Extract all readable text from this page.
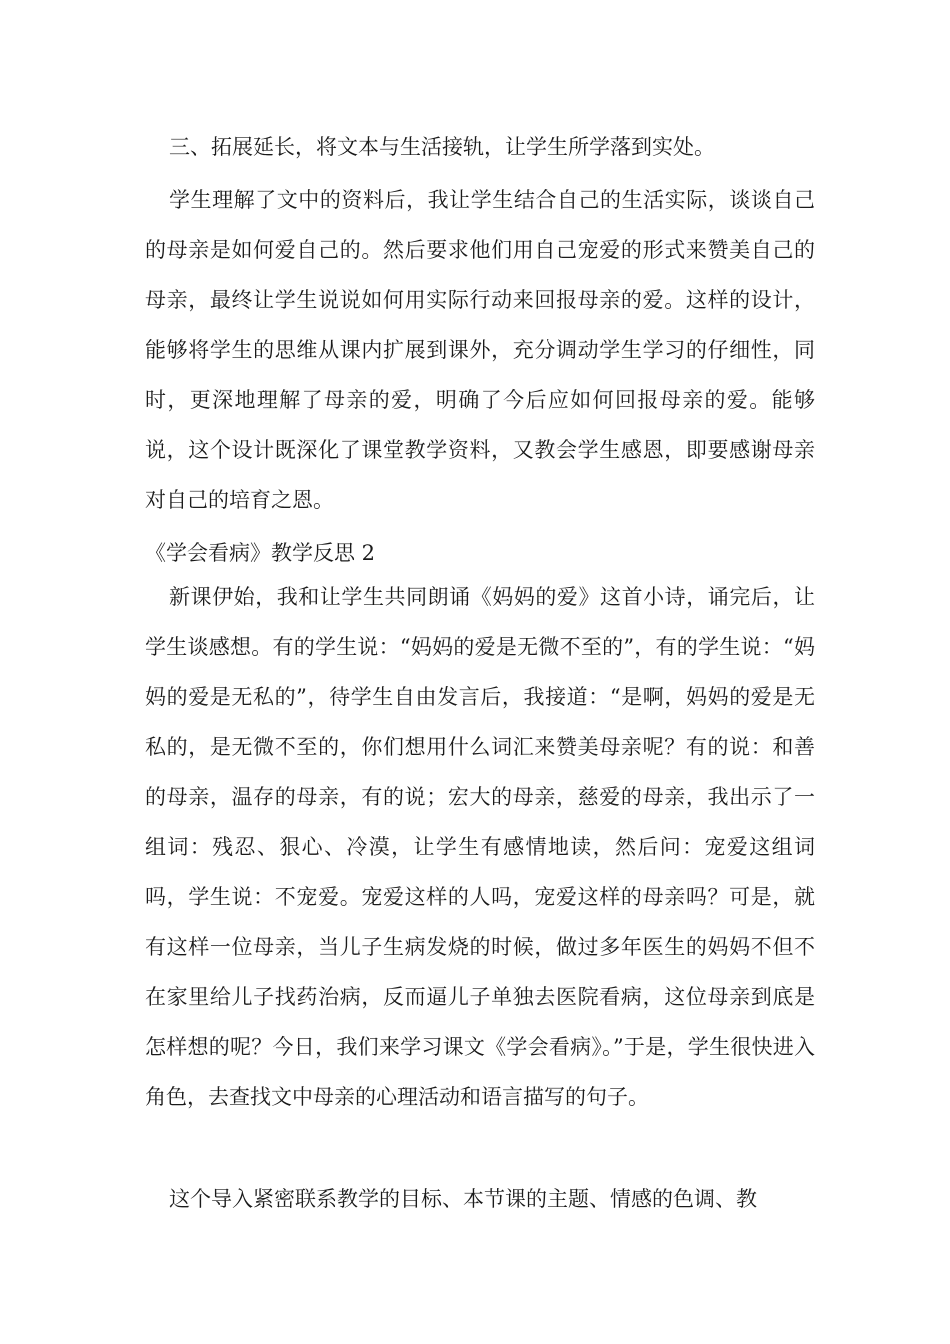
三、拓展延长，将文本与生活接轨，让学生所学落到实处。

学生理解了文中的资料后，我让学生结合自己的生活实际，谈谈自己的母亲是如何爱自己的。然后要求他们用自己宠爱的形式来赞美自己的母亲，最终让学生说说如何用实际行动来回报母亲的爱。这样的设计，能够将学生的思维从课内扩展到课外，充分调动学生学习的仔细性，同时，更深地理解了母亲的爱，明确了今后应如何回报母亲的爱。能够说，这个设计既深化了课堂教学资料，又教会学生感恩，即要感谢母亲对自己的培育之恩。

《学会看病》教学反思 2

新课伊始，我和让学生共同朗诵《妈妈的爱》这首小诗，诵完后，让学生谈感想。有的学生说：“妈妈的爱是无微不至的”，有的学生说：“妈妈的爱是无私的”，待学生自由发言后，我接道：“是啊，妈妈的爱是无私的，是无微不至的，你们想用什么词汇来赞美母亲呢？有的说：和善的母亲，温存的母亲，有的说；宏大的母亲，慈爱的母亲，我出示了一组词：残忍、狠心、冷漠，让学生有感情地读，然后问：宠爱这组词吗，学生说：不宠爱。宠爱这样的人吗，宠爱这样的母亲吗？可是，就有这样一位母亲，当儿子生病发烧的时候，做过多年医生的妈妈不但不在家里给儿子找药治病，反而逼儿子单独去医院看病，这位母亲到底是怎样想的呢？今日，我们来学习课文《学会看病》。”于是，学生很快进入角色，去查找文中母亲的心理活动和语言描写的句子。

这个导入紧密联系教学的目标、本节课的主题、情感的色调、教
